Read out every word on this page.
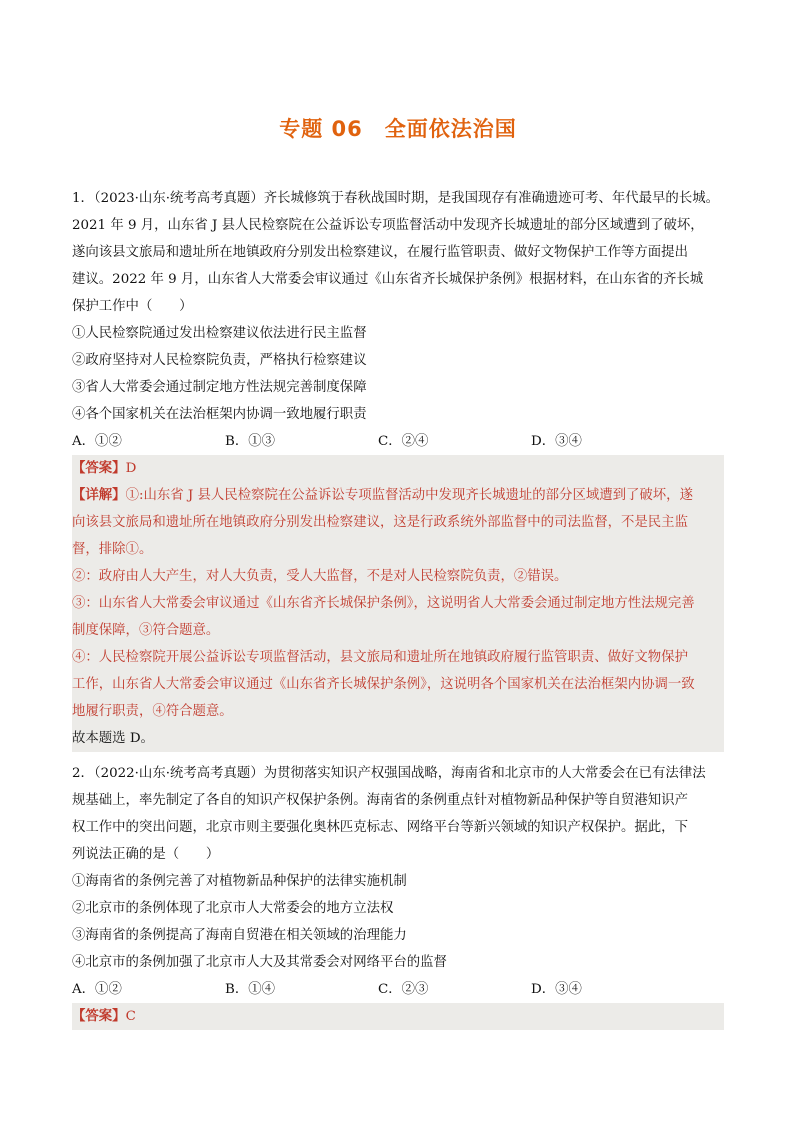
专题 06　全面依法治国
1．（2023·山东·统考高考真题）齐长城修筑于春秋战国时期，是我国现存有准确遗迹可考、年代最早的长城。
2021 年 9 月，山东省 J 县人民检察院在公益诉讼专项监督活动中发现齐长城遗址的部分区域遭到了破坏，
遂向该县文旅局和遗址所在地镇政府分别发出检察建议，在履行监管职责、做好文物保护工作等方面提出
建议。2022 年 9 月，山东省人大常委会审议通过《山东省齐长城保护条例》根据材料，在山东省的齐长城
保护工作中（　　）
①人民检察院通过发出检察建议依法进行民主监督
②政府坚持对人民检察院负责，严格执行检察建议
③省人大常委会通过制定地方性法规完善制度保障
④各个国家机关在法治框架内协调一致地履行职责
A．①②	B．①③	C．②④	D．③④
【答案】D
【详解】①:山东省 J 县人民检察院在公益诉讼专项监督活动中发现齐长城遗址的部分区域遭到了破坏，遂
向该县文旅局和遗址所在地镇政府分别发出检察建议，这是行政系统外部监督中的司法监督，不是民主监
督，排除①。
②：政府由人大产生，对人大负责，受人大监督，不是对人民检察院负责，②错误。
③：山东省人大常委会审议通过《山东省齐长城保护条例》，这说明省人大常委会通过制定地方性法规完善
制度保障，③符合题意。
④：人民检察院开展公益诉讼专项监督活动，县文旅局和遗址所在地镇政府履行监管职责、做好文物保护
工作，山东省人大常委会审议通过《山东省齐长城保护条例》，这说明各个国家机关在法治框架内协调一致
地履行职责，④符合题意。
故本题选 D。
2．（2022·山东·统考高考真题）为贯彻落实知识产权强国战略，海南省和北京市的人大常委会在已有法律法
规基础上，率先制定了各自的知识产权保护条例。海南省的条例重点针对植物新品种保护等自贸港知识产
权工作中的突出问题，北京市则主要强化奥林匹克标志、网络平台等新兴领域的知识产权保护。据此，下
列说法正确的是（　　）
①海南省的条例完善了对植物新品种保护的法律实施机制
②北京市的条例体现了北京市人大常委会的地方立法权
③海南省的条例提高了海南自贸港在相关领域的治理能力
④北京市的条例加强了北京市人大及其常委会对网络平台的监督
A．①②	B．①④	C．②③	D．③④
【答案】C
